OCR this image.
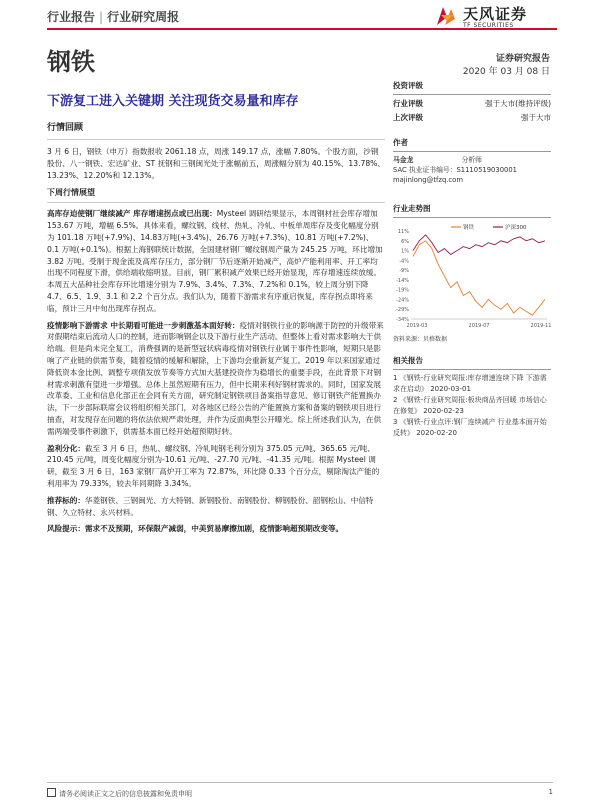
行业报告 | 行业研究周报	天风证券
TF SECURITIES
钢铁	证券研究报告
2020 年 03 月 08 日
下游复工进入关键期 关注现货交易量和库存
行情回顾
3 月 6 日，钢铁（申万）指数报收 2061.18 点，周涨 149.17 点，涨幅 7.80%。个股方面，沙钢股份、八一钢铁、宏达矿业、ST 抚钢和三钢闽光处于涨幅前五，周涨幅分别为 40.15%、13.78%、13.23%、12.20%和 12.13%。
下周行情展望
高库存迫使钢厂继续减产 库存增速拐点或已出现：Mysteel 调研结果显示，本周钢材社会库存增加 153.67 万吨，增幅 6.5%。具体来看，螺纹钢、线材、热轧、冷轧、中板单周库存及变化幅度分别为 101.18 万吨(+7.9%)、14.83万吨(+3.4%)、26.76 万吨(+7.3%)、10.81 万吨(+7.2%)、0.1 万吨(+0.1%)。根据上海钢联统计数据，全国建材钢厂螺纹钢周产量为 245.25 万吨，环比增加 3.82 万吨。受制于现金流及高库存压力，部分钢厂节后逐渐开始减产，高炉产能利用率、开工率均出现不同程度下滑，供给端收缩明显。目前，钢厂累积减产效果已经开始显现，库存增速连续放缓。本周五大品种社会库存环比增速分别为 7.9%、3.4%、7.3%、7.2%和 0.1%，较上周分别下降 4.7、6.5、1.9、3.1 和 2.2 个百分点。我们认为，随着下游需求有序重启恢复，库存拐点即将来临，预计三月中旬出现库存拐点。
疫情影响下游需求 中长期看可能进一步刺激基本面好转：疫情对钢铁行业的影响源于防控的升级带来对假期结束后流动人口的控制，进而影响钢企以及下游行业生产活动。但整体上看对需求影响大于供给端。但是尚未完全复工，消费强调的是新型冠状病毒疫情对钢铁行业属于事件性影响，短期只是影响了产业链的供需节奏，随着疫情的缓解和解除，上下游均会重新复产复工。2019 年以来国家通过降低资本金比例、调整专项债发放节奏等方式加大基建投资作为稳增长的重要手段，在此背景下对钢材需求刺激有望进一步增强。总体上虽然短期有压力，但中长期来利好钢材需求的。同时，国家发展改革委、工业和信息化部正在会同有关方面，研究制定钢铁项目备案指导意见、修订钢铁产能置换办法，下一步部际联席会议将组织相关部门，对各地区已经公告的产能置换方案和备案的钢铁项目进行抽查，对发现存在问题的将依法依规严肃处理，并作为反面典型公开曝光。综上所述我们认为，在供需两端受事件刺激下，供需基本面已经开始超预期好转。
盈利分化：截至 3 月 6 日，热轧、螺纹钢、冷轧吨钢毛利分别为 375.05 元/吨、365.65 元/吨、210.45 元/吨，周变化幅度分别为-10.61 元/吨、-27.70 元/吨、-41.35 元/吨。根据 Mysteel 调研，截至 3 月 6 日，163 家钢厂高炉开工率为 72.87%，环比降 0.33 个百分点，剔除淘汰产能的利用率为 79.33%，较去年同期降 3.34%。
推荐标的：华菱钢铁、三钢闽光、方大特钢、新钢股份、南钢股份、柳钢股份、韶钢松山、中信特钢、久立特材、永兴材料。
风险提示：需求不及预期，环保限产减弱，中美贸易摩擦加剧，疫情影响超预期改变等。
投资评级
行业评级	强于大市(维持评级)
上次评级	强于大市
作者
马金龙	分析师
SAC 执业证书编号：S1110519030001
majinlong@tfzq.com
行业走势图
11%
6%
1%
-4%
-9%
-14%
-19%
-24%
-29%
-34%
2019-03	2019-07	2019-11
钢铁	沪深300
资料来源：贝格数据
相关报告
1 《钢铁-行业研究周报:库存增速连续下降 下游需求在启动》 2020-03-01
2 《钢铁-行业研究周报:板块商品齐回暖 市场信心在修复》 2020-02-23
3 《钢铁-行业点评:钢厂连续减产 行业基本面开始反转》 2020-02-20
请务必阅读正文之后的信息披露和免责申明	1
